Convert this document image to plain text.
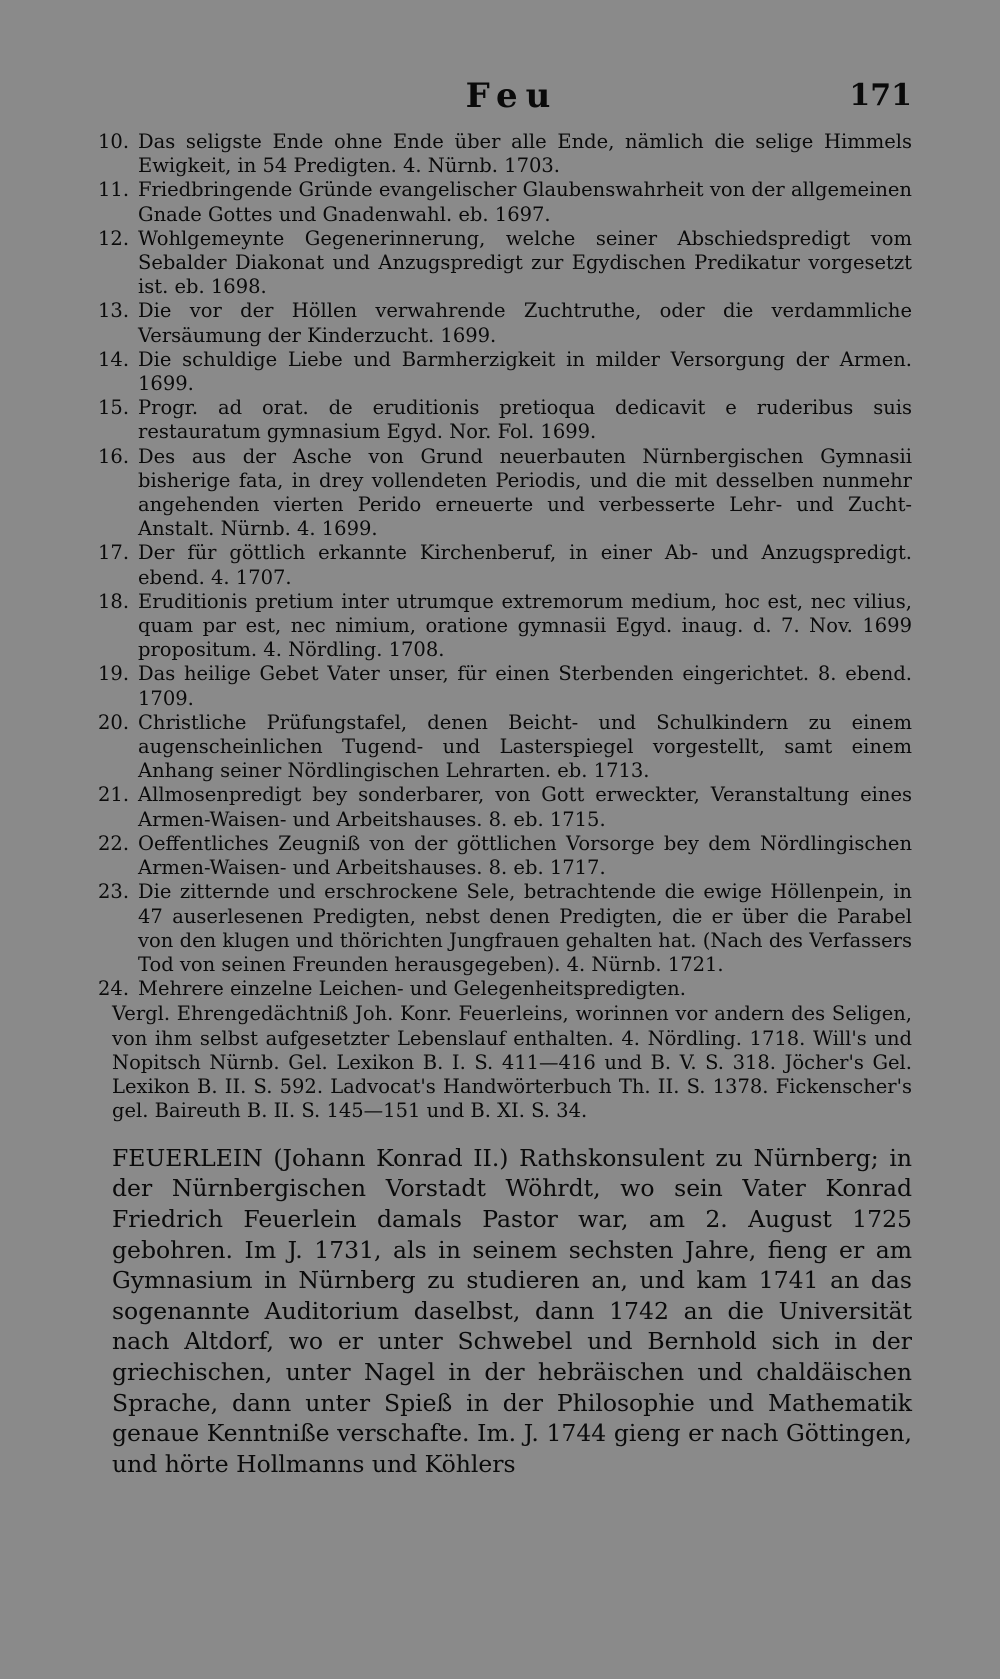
Feu	171
10. Das seligste Ende ohne Ende über alle Ende, nämlich die selige Himmels Ewigkeit, in 54 Predigten. 4. Nürnb. 1703.
11. Friedbringende Gründe evangelischer Glaubenswahrheit von der allgemeinen Gnade Gottes und Gnadenwahl. eb. 1697.
12. Wohlgemeynte Gegenerinnerung, welche seiner Abschiedspredigt vom Sebalder Diakonat und Anzugspredigt zur Egydischen Predikatur vorgesetzt ist. eb. 1698.
13. Die vor der Höllen verwahrende Zuchtruthe, oder die verdammliche Versäumung der Kinderzucht. 1699.
14. Die schuldige Liebe und Barmherzigkeit in milder Versorgung der Armen. 1699.
15. Progr. ad orat. de eruditionis pretioqua dedicavit e ruderibus suis restauratum gymnasium Egyd. Nor. Fol. 1699.
16. Des aus der Asche von Grund neuerbauten Nürnbergischen Gymnasii bisherige fata, in drey vollendeten Periodis, und die mit desselben nunmehr angehenden vierten Perido erneuerte und verbesserte Lehr- und Zucht-Anstalt. Nürnb. 4. 1699.
17. Der für göttlich erkannte Kirchenberuf, in einer Ab- und Anzugspredigt. ebend. 4. 1707.
18. Eruditionis pretium inter utrumque extremorum medium, hoc est, nec vilius, quam par est, nec nimium, oratione gymnasii Egyd. inaug. d. 7. Nov. 1699 propositum. 4. Nördling. 1708.
19. Das heilige Gebet Vater unser, für einen Sterbenden eingerichtet. 8. ebend. 1709.
20. Christliche Prüfungstafel, denen Beicht- und Schulkindern zu einem augenscheinlichen Tugend- und Lasterspiegel vorgestellt, samt einem Anhang seiner Nördlingischen Lehrarten. eb. 1713.
21. Allmosenpredigt bey sonderbarer, von Gott erweckter, Veranstaltung eines Armen-Waisen- und Arbeitshauses. 8. eb. 1715.
22. Oeffentliches Zeugniß von der göttlichen Vorsorge bey dem Nördlingischen Armen-Waisen- und Arbeitshauses. 8. eb. 1717.
23. Die zitternde und erschrockene Sele, betrachtende die ewige Höllenpein, in 47 auserlesenen Predigten, nebst denen Predigten, die er über die Parabel von den klugen und thörichten Jungfrauen gehalten hat. (Nach des Verfassers Tod von seinen Freunden herausgegeben). 4. Nürnb. 1721.
24. Mehrere einzelne Leichen- und Gelegenheitspredigten.

Vergl. Ehrengedächtniß Joh. Konr. Feuerleins, worinnen vor andern des Seligen, von ihm selbst aufgesetzter Lebenslauf enthalten. 4. Nördling. 1718. Will's und Nopitsch Nürnb. Gel. Lexikon B. I. S. 411—416 und B. V. S. 318. Jöcher's Gel. Lexikon B. II. S. 592. Ladvocat's Handwörterbuch Th. II. S. 1378. Fickenscher's gel. Baireuth B. II. S. 145—151 und B. XI. S. 34.

FEUERLEIN (Johann Konrad II.) Rathskonsulent zu Nürnberg; in der Nürnbergischen Vorstadt Wöhrdt, wo sein Vater Konrad Friedrich Feuerlein damals Pastor war, am 2. August 1725 gebohren. Im J. 1731, als in seinem sechsten Jahre, fieng er am Gymnasium in Nürnberg zu studieren an, und kam 1741 an das sogenannte Auditorium daselbst, dann 1742 an die Universität nach Altdorf, wo er unter Schwebel und Bernhold sich in der griechischen, unter Nagel in der hebräischen und chaldäischen Sprache, dann unter Spieß in der Philosophie und Mathematik genaue Kenntniße verschafte. Im. J. 1744 gieng er nach Göttingen, und hörte Hollmanns und Köhlers
